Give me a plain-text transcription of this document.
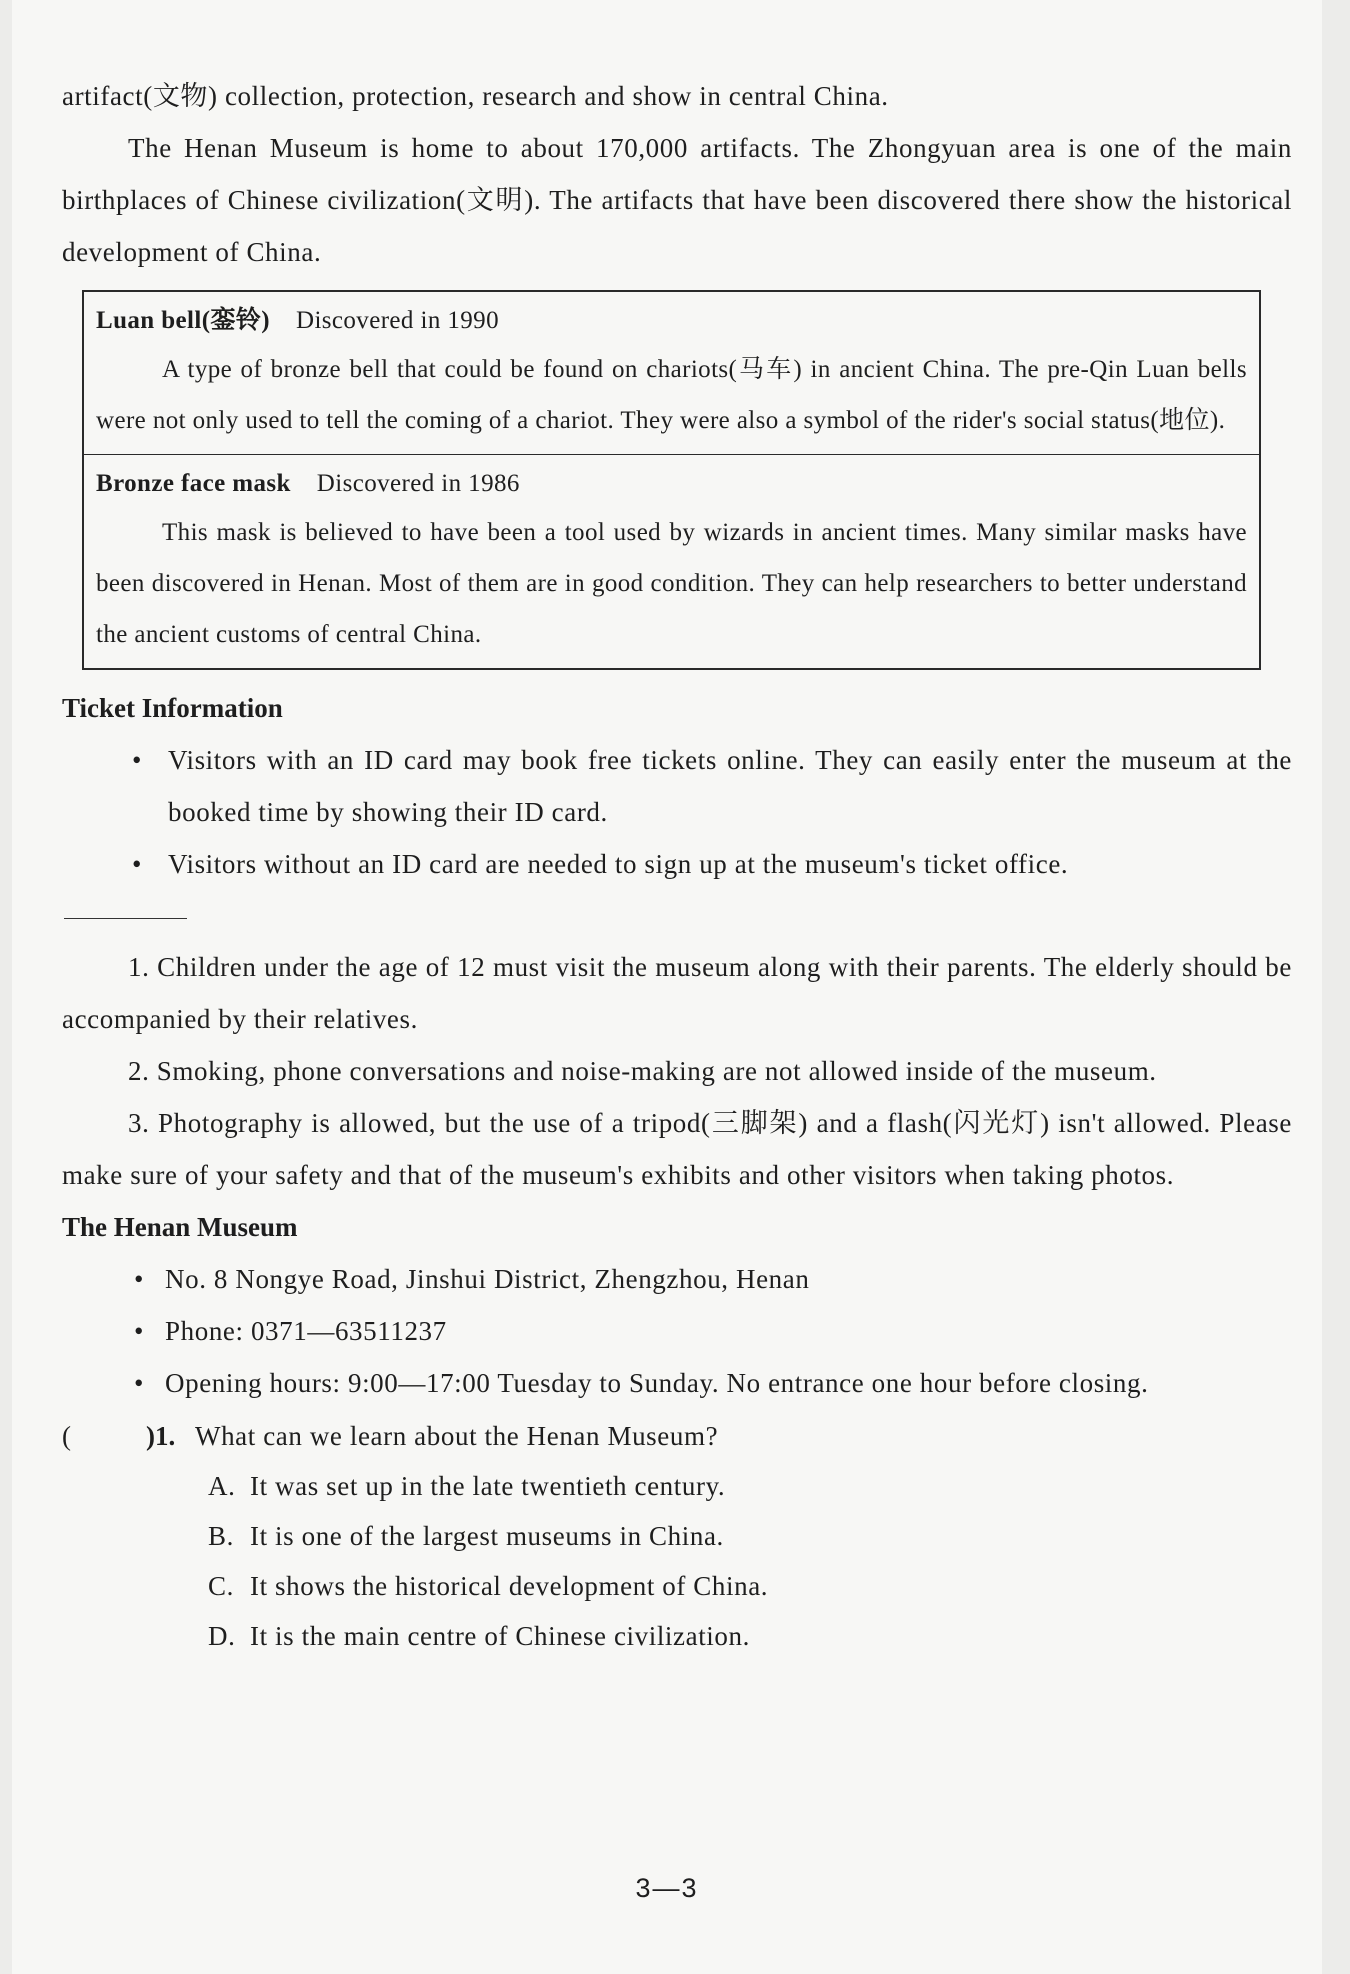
artifact(文物) collection, protection, research and show in central China.

The Henan Museum is home to about 170,000 artifacts. The Zhongyuan area is one of the main birthplaces of Chinese civilization(文明). The artifacts that have been discovered there show the historical development of China.

Luan bell(銮铃) Discovered in 1990

A type of bronze bell that could be found on chariots(马车) in ancient China. The pre-Qin Luan bells were not only used to tell the coming of a chariot. They were also a symbol of the rider's social status(地位).

Bronze face mask Discovered in 1986

This mask is believed to have been a tool used by wizards in ancient times. Many similar masks have been discovered in Henan. Most of them are in good condition. They can help researchers to better understand the ancient customs of central China.

Ticket Information

• Visitors with an ID card may book free tickets online. They can easily enter the museum at the booked time by showing their ID card.

• Visitors without an ID card are needed to sign up at the museum's ticket office.

1. Children under the age of 12 must visit the museum along with their parents. The elderly should be accompanied by their relatives.

2. Smoking, phone conversations and noise-making are not allowed inside of the museum.

3. Photography is allowed, but the use of a tripod(三脚架) and a flash(闪光灯) isn't allowed. Please make sure of your safety and that of the museum's exhibits and other visitors when taking photos.

The Henan Museum

• No. 8 Nongye Road, Jinshui District, Zhengzhou, Henan

• Phone: 0371—63511237

• Opening hours: 9:00—17:00 Tuesday to Sunday. No entrance one hour before closing.

(	)1. What can we learn about the Henan Museum?
A. It was set up in the late twentieth century.
B. It is one of the largest museums in China.
C. It shows the historical development of China.
D. It is the main centre of Chinese civilization.
3—3
